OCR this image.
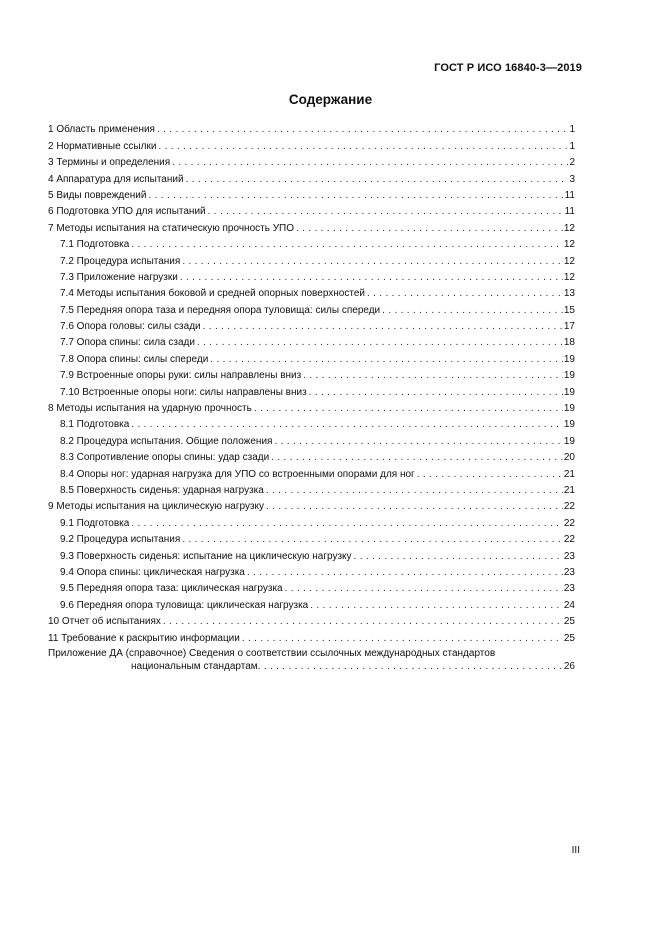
ГОСТ Р ИСО 16840-3—2019
Содержание
1 Область применения . . .	1
2 Нормативные ссылки . . .	1
3 Термины и определения . . .	2
4 Аппаратура для испытаний . . .	3
5 Виды повреждений . . .	11
6 Подготовка УПО для испытаний . . .	11
7 Методы испытания на статическую прочность УПО . . .	12
7.1 Подготовка . . .	12
7.2 Процедура испытания . . .	12
7.3 Приложение нагрузки . . .	12
7.4 Методы испытания боковой и средней опорных поверхностей . . .	13
7.5 Передняя опора таза и передняя опора туловища: силы спереди . . .	15
7.6 Опора головы: силы сзади . . .	17
7.7 Опора спины: сила сзади . . .	18
7.8 Опора спины: силы спереди . . .	19
7.9 Встроенные опоры руки: силы направлены вниз . . .	19
7.10 Встроенные опоры ноги: силы направлены вниз . . .	19
8 Методы испытания на ударную прочность . . .	19
8.1 Подготовка . . .	19
8.2 Процедура испытания. Общие положения . . .	19
8.3 Сопротивление опоры спины: удар сзади . . .	20
8.4 Опоры ног: ударная нагрузка для УПО со встроенными опорами для ног . . .	21
8.5 Поверхность сиденья: ударная нагрузка . . .	21
9 Методы испытания на циклическую нагрузку . . .	22
9.1 Подготовка . . .	22
9.2 Процедура испытания . . .	22
9.3 Поверхность сиденья: испытание на циклическую нагрузку . . .	23
9.4 Опора спины: циклическая нагрузка . . .	23
9.5 Передняя опора таза: циклическая нагрузка . . .	23
9.6 Передняя опора туловища: циклическая нагрузка . . .	24
10 Отчет об испытаниях . . .	25
11 Требование к раскрытию информации . . .	25
Приложение ДА (справочное) Сведения о соответствии ссылочных международных стандартов
национальным стандартам . . .	26
III
